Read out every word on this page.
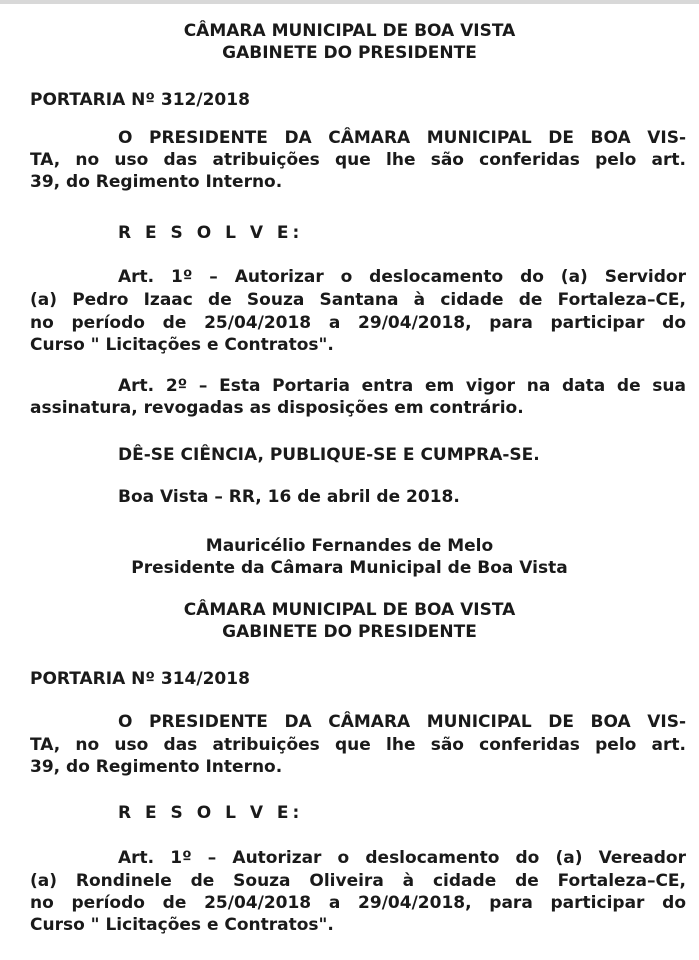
CÂMARA MUNICIPAL DE BOA VISTA
GABINETE DO PRESIDENTE
PORTARIA Nº 312/2018
O PRESIDENTE DA CÂMARA MUNICIPAL DE BOA VIS-
TA, no uso das atribuições que lhe são conferidas pelo art.
39, do Regimento Interno.
R E S O L V E:
Art. 1º – Autorizar o deslocamento do (a) Servidor
(a) Pedro Izaac de Souza Santana à cidade de Fortaleza–CE,
no período de 25/04/2018 a 29/04/2018, para participar do
Curso " Licitações e Contratos".
Art. 2º – Esta Portaria entra em vigor na data de sua
assinatura, revogadas as disposições em contrário.
DÊ-SE CIÊNCIA, PUBLIQUE-SE E CUMPRA-SE.
Boa Vista – RR, 16 de abril de 2018.
Mauricélio Fernandes de Melo
Presidente da Câmara Municipal de Boa Vista
CÂMARA MUNICIPAL DE BOA VISTA
GABINETE DO PRESIDENTE
PORTARIA Nº 314/2018
O PRESIDENTE DA CÂMARA MUNICIPAL DE BOA VIS-
TA, no uso das atribuições que lhe são conferidas pelo art.
39, do Regimento Interno.
R E S O L V E:
Art. 1º – Autorizar o deslocamento do (a) Vereador
(a) Rondinele de Souza Oliveira à cidade de Fortaleza–CE,
no período de 25/04/2018 a 29/04/2018, para participar do
Curso " Licitações e Contratos".
